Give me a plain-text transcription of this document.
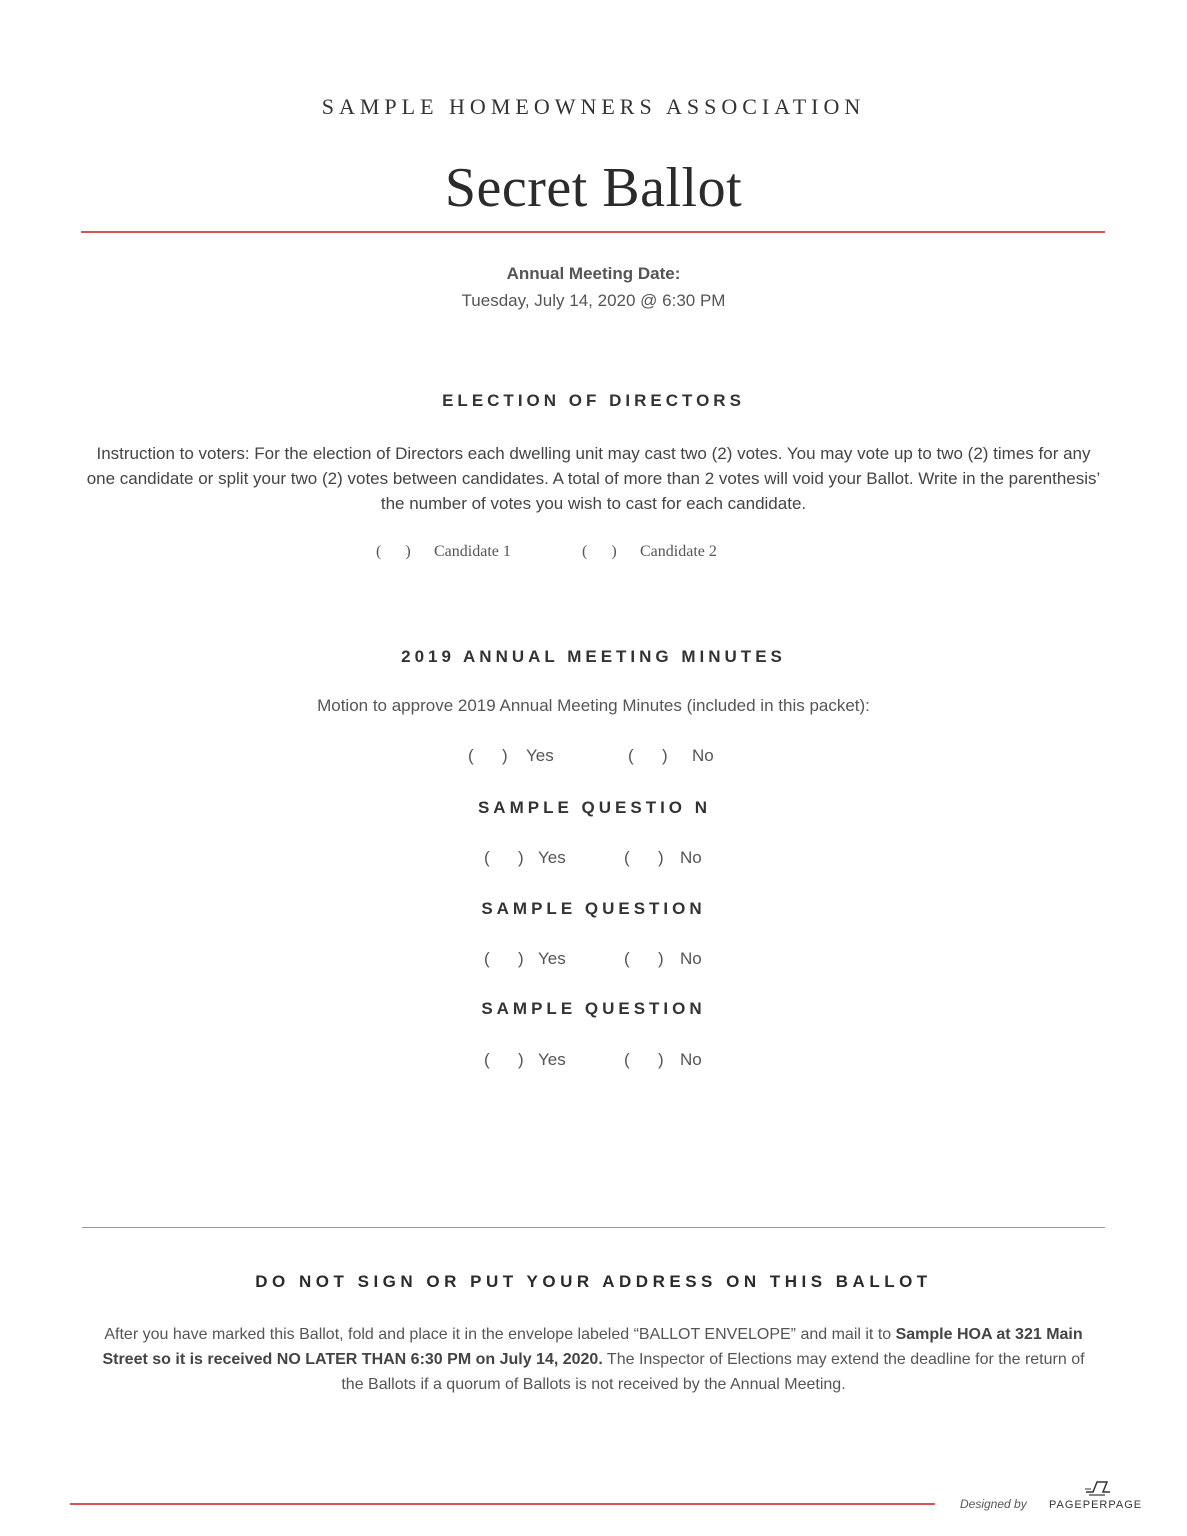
SAMPLE HOMEOWNERS ASSOCIATION
Secret Ballot
Annual Meeting Date:
Tuesday, July 14, 2020 @ 6:30 PM
ELECTION OF DIRECTORS
Instruction to voters: For the election of Directors each dwelling unit may cast two (2) votes. You may vote up to two (2) times for any one candidate or split your two (2) votes between candidates. A total of more than 2 votes will void your Ballot. Write in the parenthesis’ the number of votes you wish to cast for each candidate.
(      )	Candidate 1	(      )	Candidate 2
2019 ANNUAL MEETING MINUTES
Motion to approve 2019 Annual Meeting Minutes (included in this packet):
(      )	Yes	(      )	No
SAMPLE QUESTIO N
(      ) Yes	(      ) No
SAMPLE QUESTION
(      ) Yes	(      ) No
SAMPLE QUESTION
(      ) Yes	(      ) No
DO NOT SIGN OR PUT YOUR ADDRESS ON THIS BALLOT
After you have marked this Ballot, fold and place it in the envelope labeled “BALLOT ENVELOPE” and mail it to Sample HOA at 321 Main Street so it is received NO LATER THAN 6:30 PM on July 14, 2020. The Inspector of Elections may extend the deadline for the return of the Ballots if a quorum of Ballots is not received by the Annual Meeting.
Designed by PAGEPERPAGE
